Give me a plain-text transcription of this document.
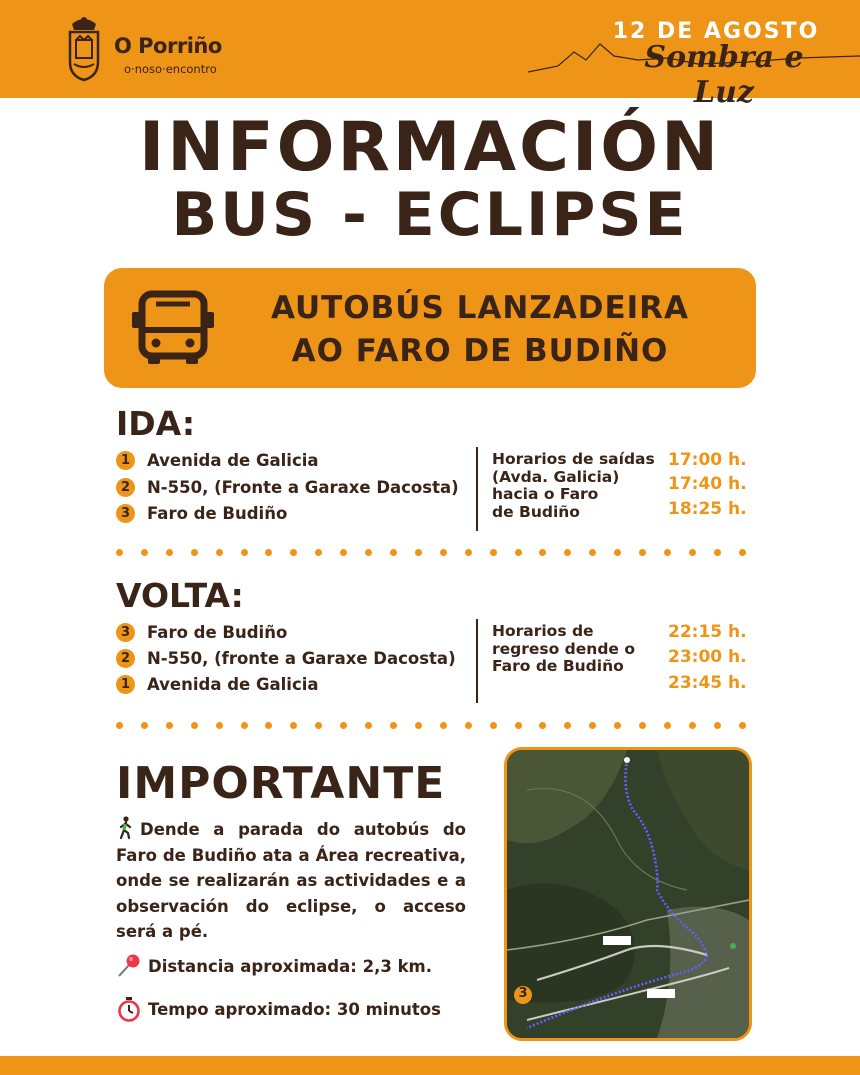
O Porriño
o·noso·encontro
12 DE AGOSTO
Sombra e Luz
INFORMACIÓN
BUS - ECLIPSE
AUTOBÚS LANZADEIRA
AO FARO DE BUDIÑO
IDA:
1	Avenida de Galicia
2	N-550, (Fronte a Garaxe Dacosta)
3	Faro de Budiño
Horarios de saídas
(Avda. Galicia)
hacia o Faro
de Budiño
17:00 h.
17:40 h.
18:25 h.
VOLTA:
3	Faro de Budiño
2	N-550, (fronte a Garaxe Dacosta)
1	Avenida de Galicia
Horarios de
regreso dende o
Faro de Budiño
22:15 h.
23:00 h.
23:45 h.
IMPORTANTE
Dende a parada do autobús do Faro de Budiño ata a Área recreativa, onde se realizarán as actividades e a observación do eclipse, o acceso será a pé.
Distancia aproximada: 2,3 km.
Tempo aproximado: 30 minutos
3
